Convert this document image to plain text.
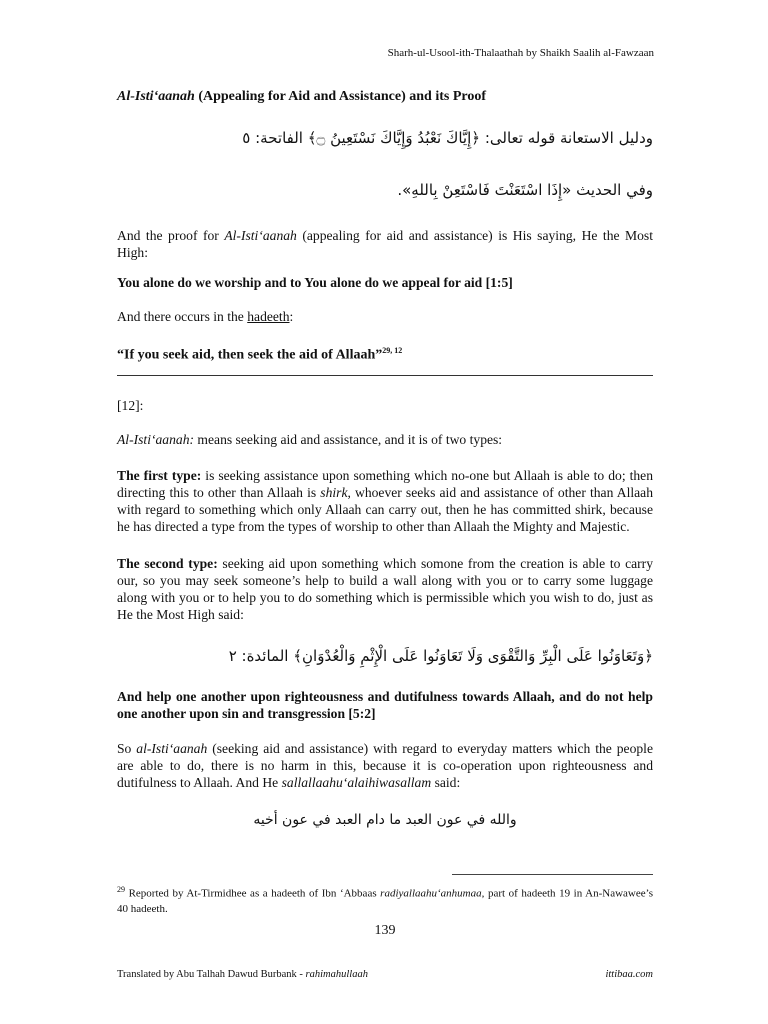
Sharh-ul-Usool-ith-Thalaathah by Shaikh Saalih al-Fawzaan
Al-Isti‘aanah (Appealing for Aid and Assistance) and its Proof
ودليل الاستعانة قوله تعالى: ﴿إِيَّاكَ نَعْبُدُ وَإِيَّاكَ نَسْتَعِينُ ۝﴾ الفاتحة: ٥
وفي الحديث «إِذَا اسْتَعَنْتَ فَاسْتَعِنْ بِاللهِ».

And the proof for Al-Isti‘aanah (appealing for aid and assistance) is His saying, He the Most High:

You alone do we worship and to You alone do we appeal for aid [1:5]

And there occurs in the hadeeth:

“If you seek aid, then seek the aid of Allaah”$^{29, 12}$

[12]:

Al-Isti‘aanah: means seeking aid and assistance, and it is of two types:

The first type: is seeking assistance upon something which no-one but Allaah is able to do; then directing this to other than Allaah is shirk, whoever seeks aid and assistance of other than Allaah with regard to something which only Allaah can carry out, then he has committed shirk, because he has directed a type from the types of worship to other than Allaah the Mighty and Majestic.

The second type: seeking aid upon something which somone from the creation is able to carry our, so you may seek someone’s help to build a wall along with you or to carry some luggage along with you or to help you to do something which is permissible which you wish to do, just as He the Most High said:

﴿وَتَعَاوَنُوا عَلَى الْبِرِّ وَالتَّقْوَى وَلَا تَعَاوَنُوا عَلَى الْإِثْمِ وَالْعُدْوَانِ﴾ المائدة: ٢

And help one another upon righteousness and dutifulness towards Allaah, and do not help one another upon sin and transgression [5:2]

So al-Isti‘aanah (seeking aid and assistance) with regard to everyday matters which the people are able to do, there is no harm in this, because it is co-operation upon righteousness and dutifulness to Allaah. And He sallallaahu‘alaihiwasallam said:

والله في عون العبد ما دام العبد في عون أخيه

$^{29}$ Reported by At-Tirmidhee as a hadeeth of Ibn ‘Abbaas radiyallaahu‘anhumaa, part of hadeeth 19 in An-Nawawee’s 40 hadeeth.

139
Translated by Abu Talhah Dawud Burbank - rahimahullaah	ittibaa.com
